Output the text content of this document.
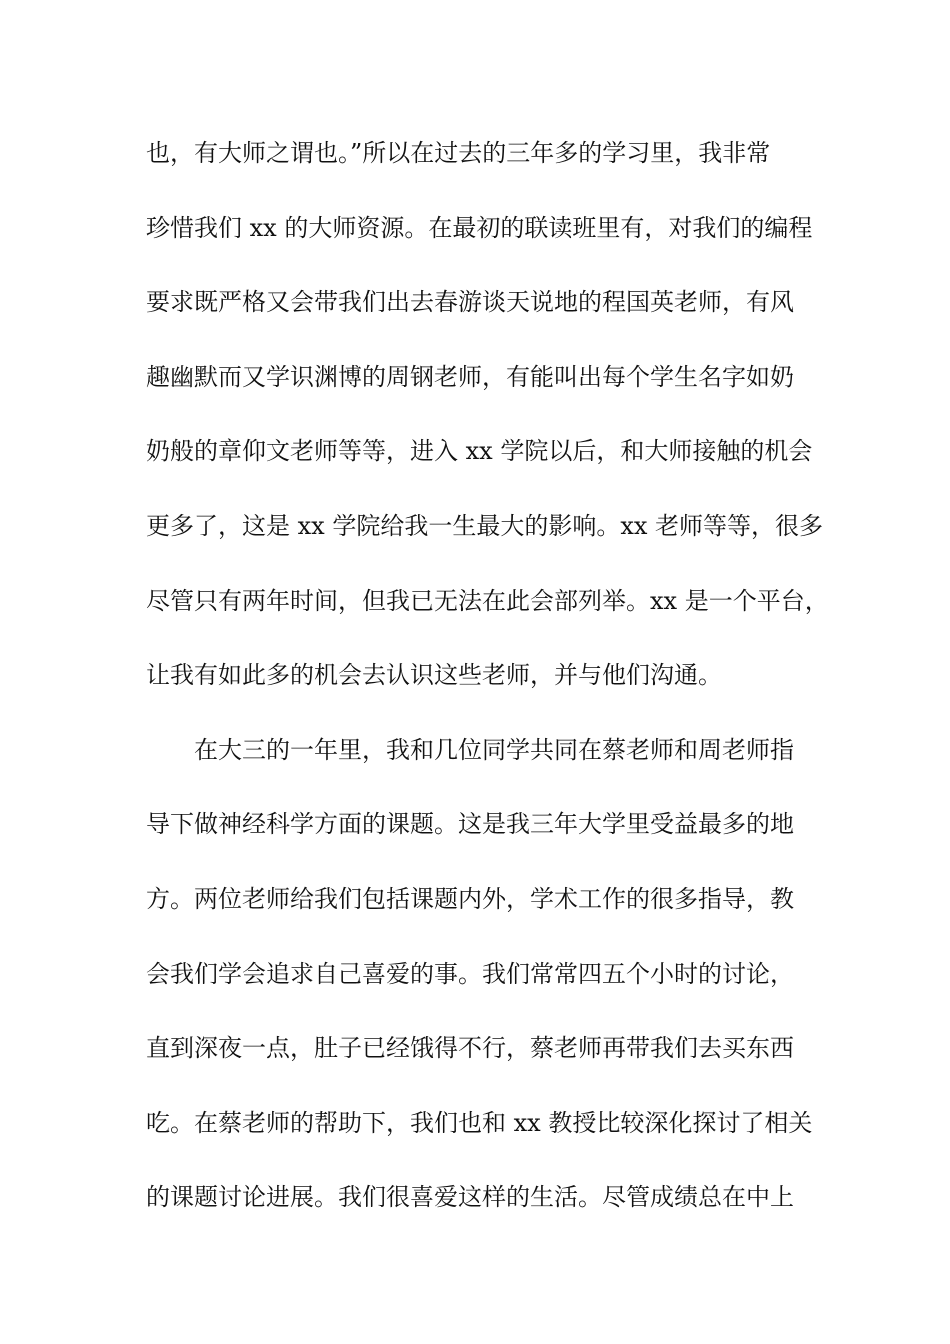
也，有大师之谓也。”所以在过去的三年多的学习里，我非常
珍惜我们 xx 的大师资源。在最初的联读班里有，对我们的编程
要求既严格又会带我们出去春游谈天说地的程国英老师，有风
趣幽默而又学识渊博的周钢老师，有能叫出每个学生名字如奶
奶般的章仰文老师等等，进入 xx 学院以后，和大师接触的机会
更多了，这是 xx 学院给我一生最大的影响。xx 老师等等，很多
尽管只有两年时间，但我已无法在此会部列举。xx 是一个平台，
让我有如此多的机会去认识这些老师，并与他们沟通。
在大三的一年里，我和几位同学共同在蔡老师和周老师指
导下做神经科学方面的课题。这是我三年大学里受益最多的地
方。两位老师给我们包括课题内外，学术工作的很多指导，教
会我们学会追求自己喜爱的事。我们常常四五个小时的讨论，
直到深夜一点，肚子已经饿得不行，蔡老师再带我们去买东西
吃。在蔡老师的帮助下，我们也和 xx 教授比较深化探讨了相关
的课题讨论进展。我们很喜爱这样的生活。尽管成绩总在中上
